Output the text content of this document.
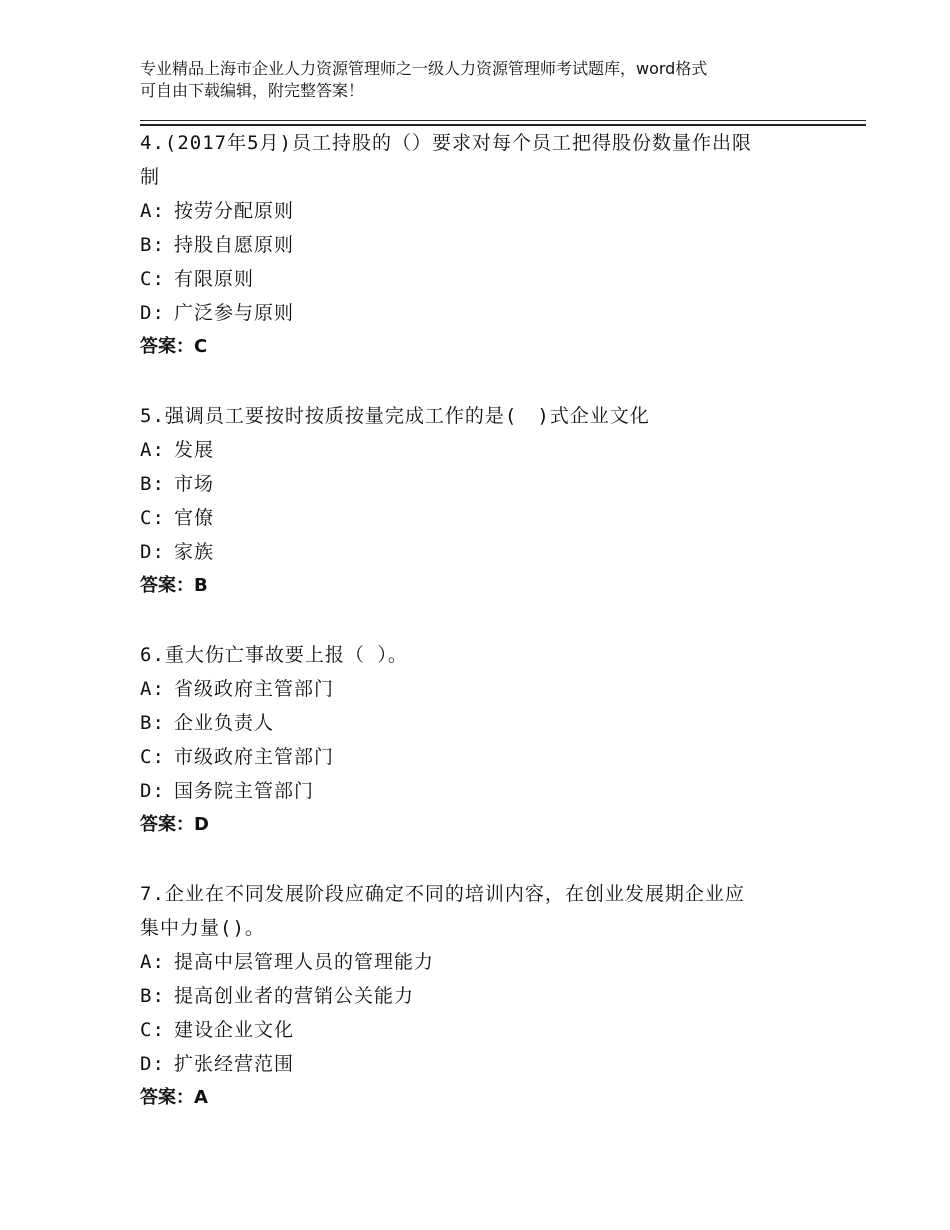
专业精品上海市企业人力资源管理师之一级人力资源管理师考试题库，word格式
可自由下载编辑，附完整答案！

4.(2017年5月)员工持股的（）要求对每个员工把得股份数量作出限
制

A: 按劳分配原则

B: 持股自愿原则

C: 有限原则

D: 广泛参与原则

答案：C

5.强调员工要按时按质按量完成工作的是(　)式企业文化

A: 发展

B: 市场

C: 官僚

D: 家族

答案：B

6.重大伤亡事故要上报（ ）。

A: 省级政府主管部门

B: 企业负责人

C: 市级政府主管部门

D: 国务院主管部门

答案：D

7.企业在不同发展阶段应确定不同的培训内容，在创业发展期企业应
集中力量()。

A: 提高中层管理人员的管理能力

B: 提高创业者的营销公关能力

C: 建设企业文化

D: 扩张经营范围

答案：A
